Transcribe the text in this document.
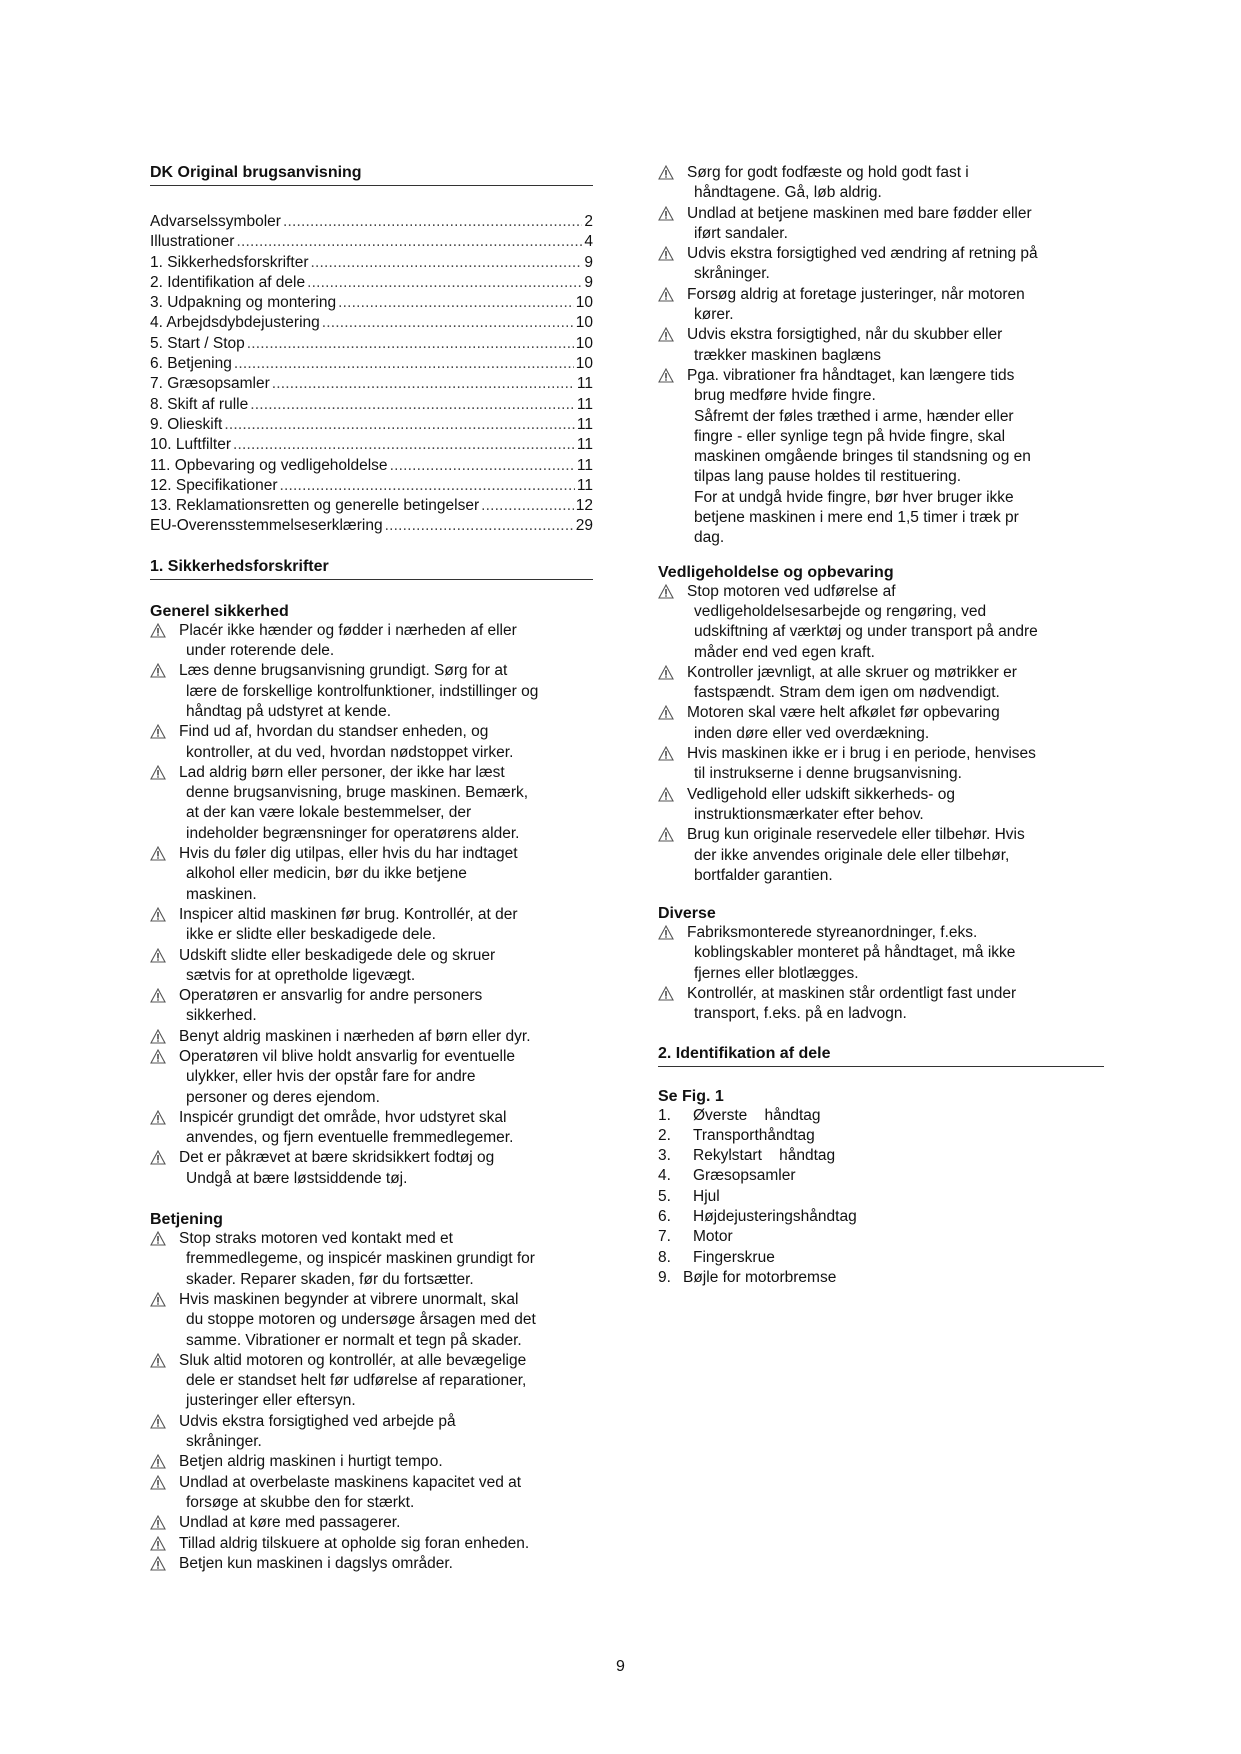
DK Original brugsanvisning
Advarselssymboler .....	2
Illustrationer .....	4
1. Sikkerhedsforskrifter .....	9
2. Identifikation af dele .....	9
3. Udpakning og montering .....	10
4. Arbejdsdybdejustering .....	10
5. Start / Stop .....	10
6. Betjening .....	10
7. Græsopsamler .....	11
8. Skift af rulle .....	11
9. Olieskift .....	11
10. Luftfilter .....	11
11. Opbevaring og vedligeholdelse .....	11
12. Specifikationer .....	11
13. Reklamationsretten og generelle betingelser .....	12
EU-Overensstemmelseserklæring .....	29
1. Sikkerhedsforskrifter
Generel sikkerhed
Placér ikke hænder og fødder i nærheden af eller
under roterende dele.
Læs denne brugsanvisning grundigt. Sørg for at
lære de forskellige kontrolfunktioner, indstillinger og
håndtag på udstyret at kende.
Find ud af, hvordan du standser enheden, og
kontroller, at du ved, hvordan nødstoppet virker.
Lad aldrig børn eller personer, der ikke har læst
denne brugsanvisning, bruge maskinen. Bemærk,
at der kan være lokale bestemmelser, der
indeholder begrænsninger for operatørens alder.
Hvis du føler dig utilpas, eller hvis du har indtaget
alkohol eller medicin, bør du ikke betjene
maskinen.
Inspicer altid maskinen før brug. Kontrollér, at der
ikke er slidte eller beskadigede dele.
Udskift slidte eller beskadigede dele og skruer
sætvis for at opretholde ligevægt.
Operatøren er ansvarlig for andre personers
sikkerhed.
Benyt aldrig maskinen i nærheden af børn eller dyr.
Operatøren vil blive holdt ansvarlig for eventuelle
ulykker, eller hvis der opstår fare for andre
personer og deres ejendom.
Inspicér grundigt det område, hvor udstyret skal
anvendes, og fjern eventuelle fremmedlegemer.
Det er påkrævet at bære skridsikkert fodtøj og
Undgå at bære løstsiddende tøj.
Betjening
Stop straks motoren ved kontakt med et
fremmedlegeme, og inspicér maskinen grundigt for
skader. Reparer skaden, før du fortsætter.
Hvis maskinen begynder at vibrere unormalt, skal
du stoppe motoren og undersøge årsagen med det
samme. Vibrationer er normalt et tegn på skader.
Sluk altid motoren og kontrollér, at alle bevægelige
dele er standset helt før udførelse af reparationer,
justeringer eller eftersyn.
Udvis ekstra forsigtighed ved arbejde på
skråninger.
Betjen aldrig maskinen i hurtigt tempo.
Undlad at overbelaste maskinens kapacitet ved at
forsøge at skubbe den for stærkt.
Undlad at køre med passagerer.
Tillad aldrig tilskuere at opholde sig foran enheden.
Betjen kun maskinen i dagslys områder.
Sørg for godt fodfæste og hold godt fast i
håndtagene. Gå, løb aldrig.
Undlad at betjene maskinen med bare fødder eller
iført sandaler.
Udvis ekstra forsigtighed ved ændring af retning på
skråninger.
Forsøg aldrig at foretage justeringer, når motoren
kører.
Udvis ekstra forsigtighed, når du skubber eller
trækker maskinen baglæns
Pga. vibrationer fra håndtaget, kan længere tids
brug medføre hvide fingre.
Såfremt der føles træthed i arme, hænder eller
fingre - eller synlige tegn på hvide fingre, skal
maskinen omgående bringes til standsning og en
tilpas lang pause holdes til restituering.
For at undgå hvide fingre, bør hver bruger ikke
betjene maskinen i mere end 1,5 timer i træk pr
dag.
Vedligeholdelse og opbevaring
Stop motoren ved udførelse af
vedligeholdelsesarbejde og rengøring, ved
udskiftning af værktøj og under transport på andre
måder end ved egen kraft.
Kontroller jævnligt, at alle skruer og møtrikker er
fastspændt. Stram dem igen om nødvendigt.
Motoren skal være helt afkølet før opbevaring
inden døre eller ved overdækning.
Hvis maskinen ikke er i brug i en periode, henvises
til instrukserne i denne brugsanvisning.
Vedligehold eller udskift sikkerheds- og
instruktionsmærkater efter behov.
Brug kun originale reservedele eller tilbehør. Hvis
der ikke anvendes originale dele eller tilbehør,
bortfalder garantien.
Diverse
Fabriksmonterede styreanordninger, f.eks.
koblingskabler monteret på håndtaget, må ikke
fjernes eller blotlægges.
Kontrollér, at maskinen står ordentligt fast under
transport, f.eks. på en ladvogn.
2. Identifikation af dele
Se Fig. 1
1.	Øverste    håndtag
2.	Transporthåndtag
3.	Rekylstart    håndtag
4.	Græsopsamler
5.	Hjul
6.	Højdejusteringshåndtag
7.	Motor
8.	Fingerskrue
9. Bøjle for motorbremse
9
